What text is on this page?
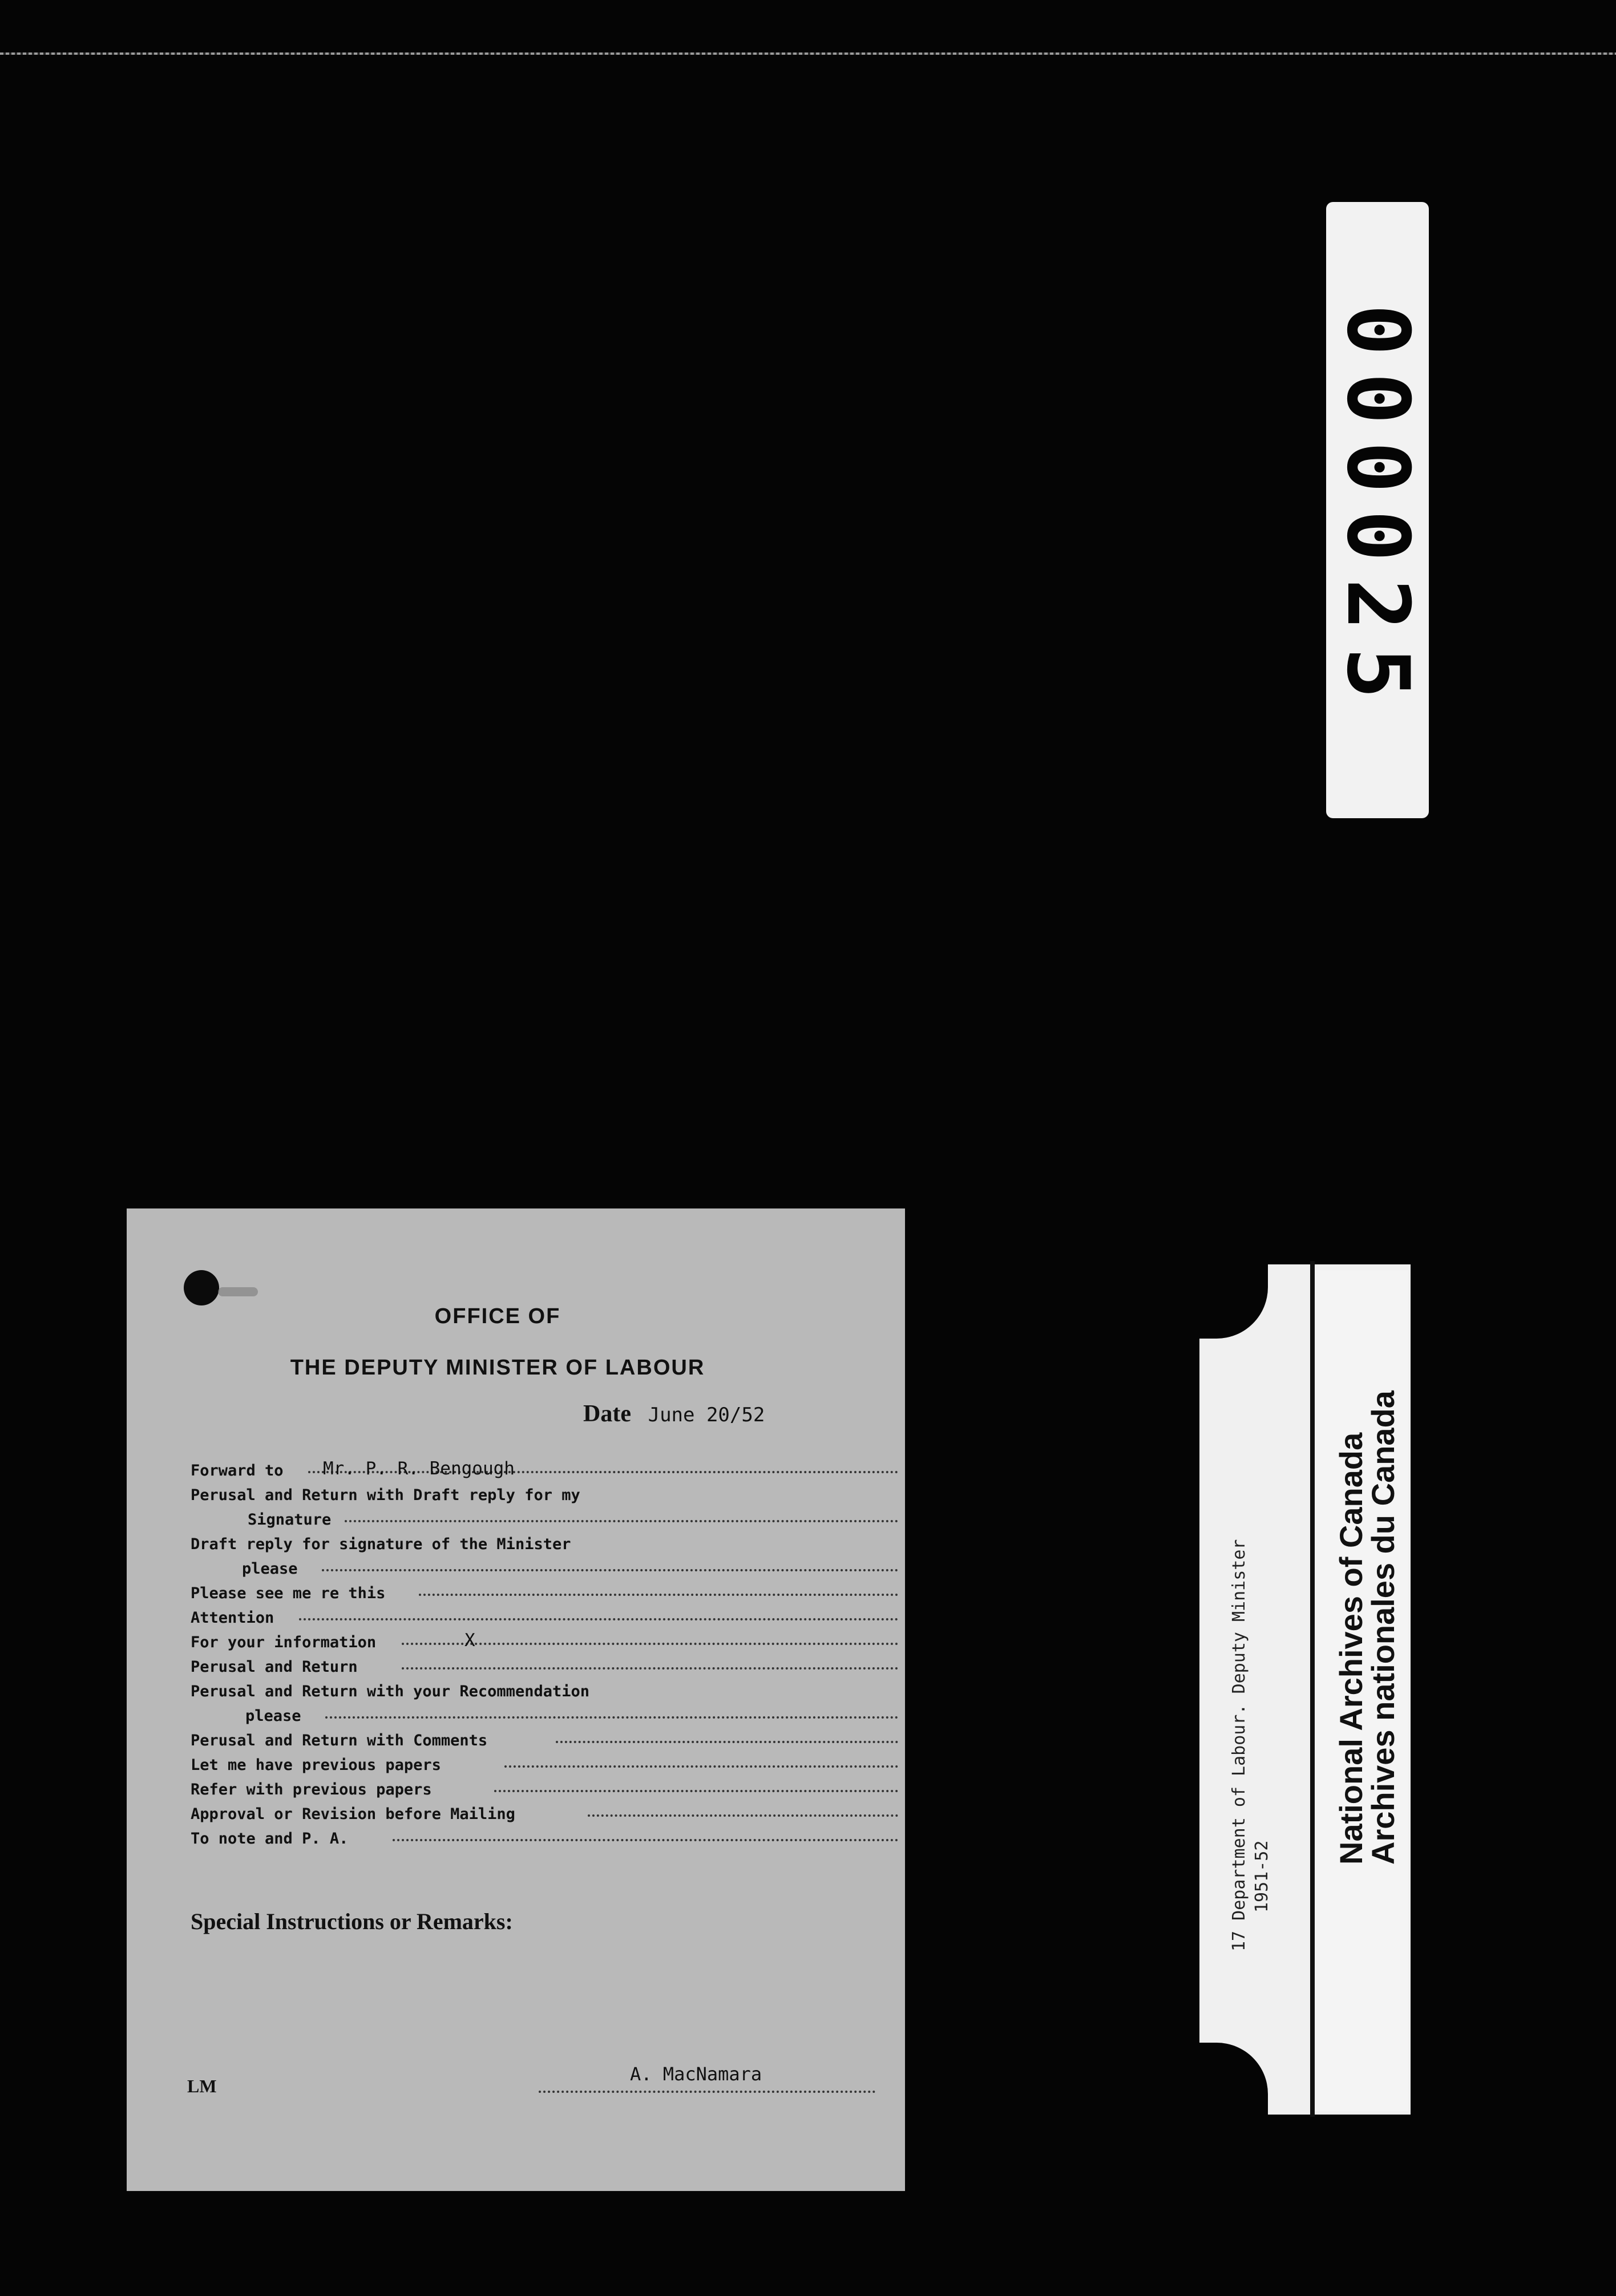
000025
OFFICE OF
THE DEPUTY MINISTER OF LABOUR
Date June 20/52
Forward to Mr. P. R. Bengough
Perusal and Return with Draft reply for my
Signature
Draft reply for signature of the Minister
please
Please see me re this
Attention
For your information	X
Perusal and Return
Perusal and Return with your Recommendation
please
Perusal and Return with Comments
Let me have previous papers
Refer with previous papers
Approval or Revision before Mailing
To note and P. A.
Special Instructions or Remarks:
LM
A. MacNamara
17 Department of Labour. Deputy Minister 1951-52
National Archives of Canada
Archives nationales du Canada
